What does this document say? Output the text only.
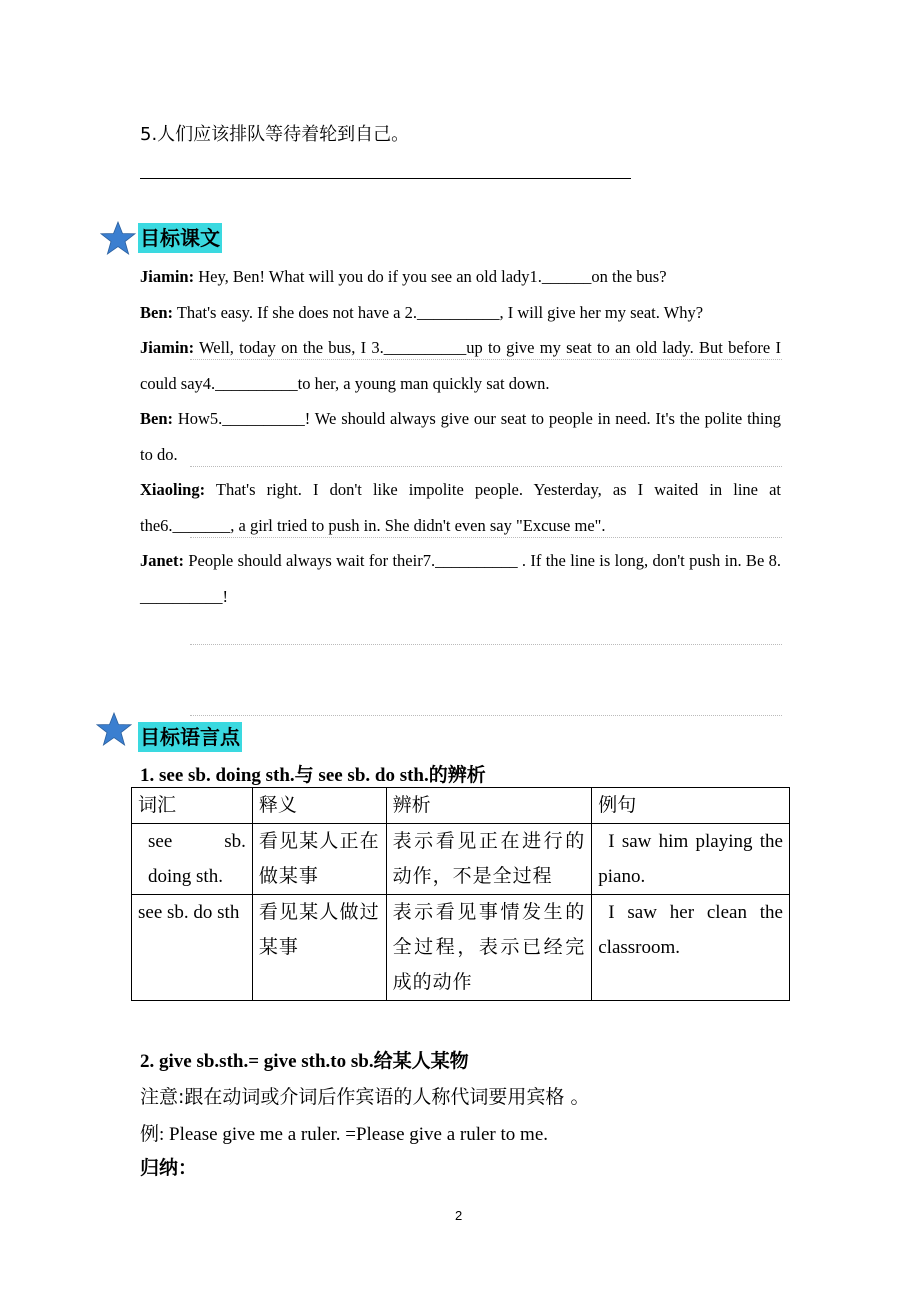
5.人们应该排队等待着轮到自己。
目标课文

Jiamin: Hey, Ben! What will you do if you see an old lady1.______on the bus?

Ben: That's easy. If she does not have a 2.__________, I will give her my seat. Why?

Jiamin: Well, today on the bus, I 3.__________up to give my seat to an old lady. But before I could say4.__________to her, a young man quickly sat down.

Ben: How5.__________! We should always give our seat to people in need. It's the polite thing to do.

Xiaoling: That's right. I don't like impolite people. Yesterday, as I waited in line at the6._______, a girl tried to push in. She didn't even say "Excuse me".

Janet: People should always wait for their7.__________ . If the line is long, don't push in. Be 8. __________!

目标语言点
1. see sb. doing sth.与 see sb. do sth.的辨析
词汇	释义	辨析	例句
see sb. doing sth.	看见某人正在做某事	表示看见正在进行的动作，不是全过程	I saw him playing the piano.
see sb. do sth	看见某人做过某事	表示看见事情发生的全过程，表示已经完成的动作	I saw her clean the classroom.
2. give sb.sth.= give sth.to sb.给某人某物
注意:跟在动词或介词后作宾语的人称代词要用宾格 。
例: Please give me a ruler. =Please give a ruler to me.
归纳：
2
